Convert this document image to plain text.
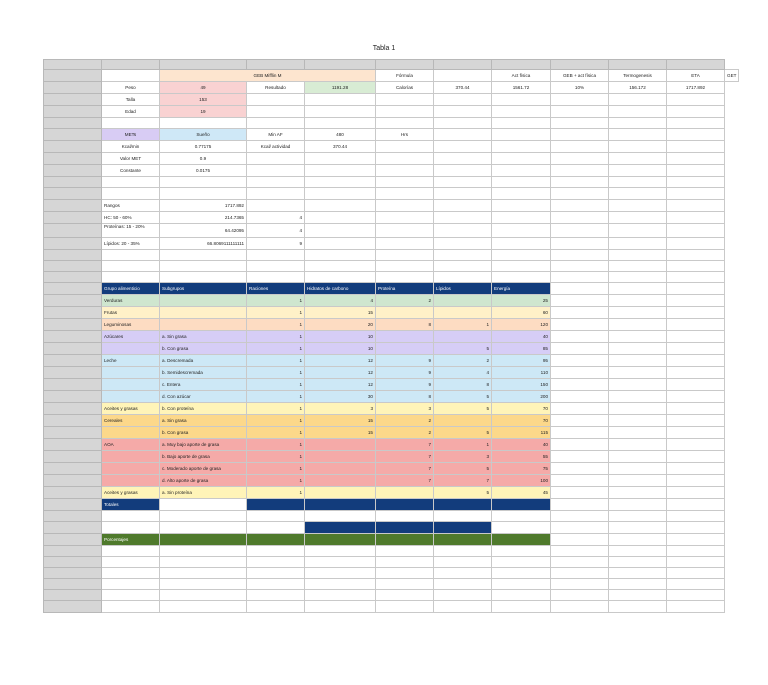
Tabla 1

		GEB Mifflin M			Fórmula		Act física	GEB + act física	Termogenesis	ETA	GET
	Peso	49	Resultado	1191.28	Calorías	370.44	1561.72	10%	156.172	1717.892	
	Talla	153									
	Edad	19									

	METs	Sueño	Min AF	480	Hrs						
	Kcal/min	0.77175	Kcal/ actividad	370.44							
	Valor MET	0.9									
	Constante	0.0175									

	Rangos	1717.892									
	HC: 50 - 60%	214.7365	4								
	Proteínas: 15 - 20%	64.42095	4								
	Lípidos: 20 - 35%	66.8069111111111	9								

	Grupo alimenticio	Subgrupos	Raciones	Hidratos de carbono	Proteína	Lípidos	Energía				
	Verduras		1	4	2		25				
	Frutas		1	15			60				
	Leguminosas		1	20	8	1	120				
	Azúcares	a. Sin grasa	1	10			40				
		b. Con grasa	1	10		5	85				
	Leche	a. Descremada	1	12	9	2	95				
		b. Semidescremada	1	12	9	4	110				
		c. Entera	1	12	9	8	150				
		d. Con azúcar	1	30	8	5	200				
	Aceites y grasas	b. Con proteína	1	3	3	5	70				
	Cereales	a. Sin grasa	1	15	2		70				
		b. Con grasa	1	15	2	5	115				
	AOA	a. Muy bajo aporte de grasa	1		7	1	40				
		b. Bajo aporte de grasa	1		7	3	55				
		c. Moderado aporte de grasa	1		7	5	75				
		d. Alto aporte de grasa	1		7	7	100				
	Aceites y grasas	a. Sin proteína	1			5	45				
	Totales										

	Porcentajes										
